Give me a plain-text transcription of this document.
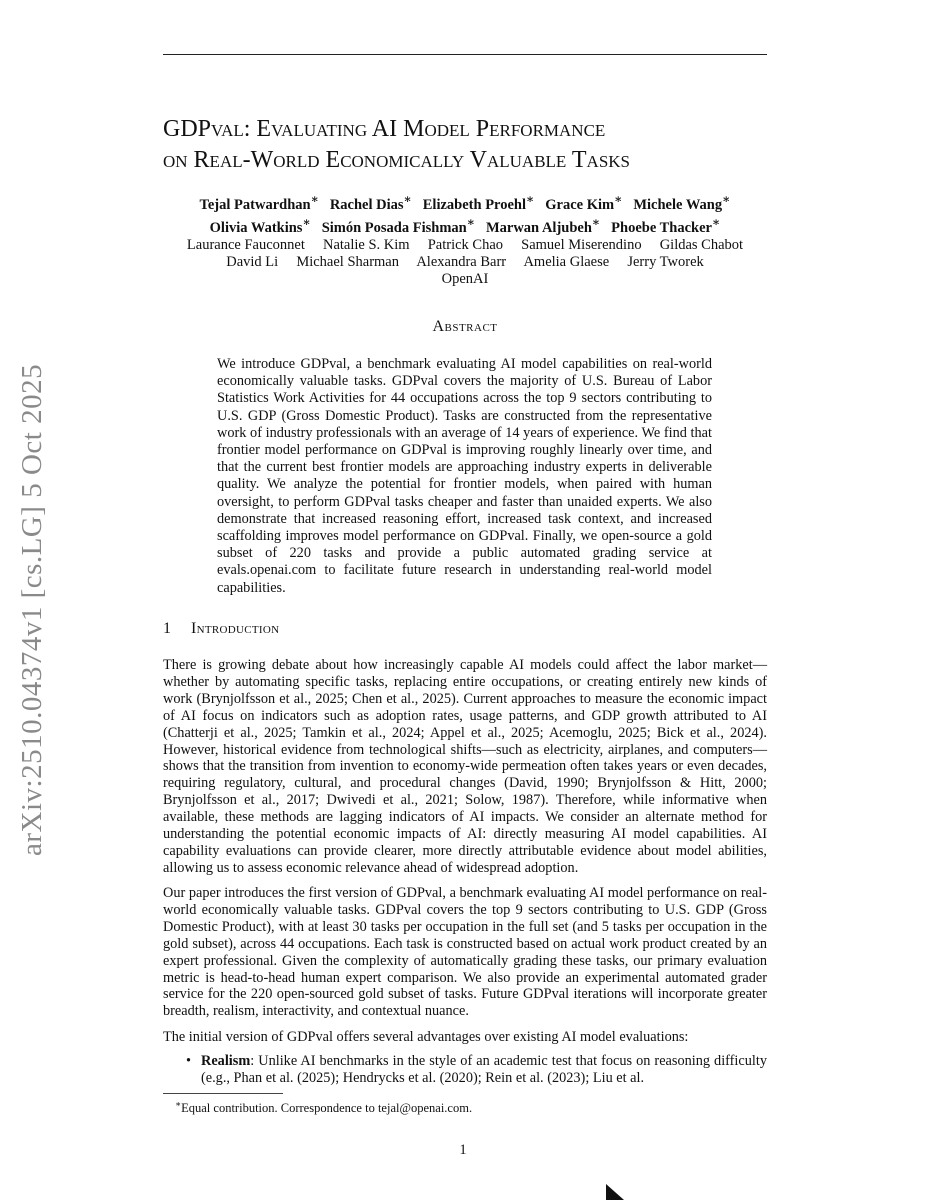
arXiv:2510.04374v1 [cs.LG] 5 Oct 2025
GDPval: Evaluating AI Model Performance
on Real-World Economically Valuable Tasks
Tejal Patwardhan∗ Rachel Dias∗ Elizabeth Proehl∗ Grace Kim∗ Michele Wang∗
Olivia Watkins∗ Simón Posada Fishman∗ Marwan Aljubeh∗ Phoebe Thacker∗
Laurance Fauconnet Natalie S. Kim Patrick Chao Samuel Miserendino Gildas Chabot
David Li Michael Sharman Alexandra Barr Amelia Glaese Jerry Tworek
OpenAI
Abstract

We introduce GDPval, a benchmark evaluating AI model capabilities on real-world economically valuable tasks. GDPval covers the majority of U.S. Bureau of Labor Statistics Work Activities for 44 occupations across the top 9 sectors contributing to U.S. GDP (Gross Domestic Product). Tasks are constructed from the representative work of industry professionals with an average of 14 years of experience. We find that frontier model performance on GDPval is improving roughly linearly over time, and that the current best frontier models are approaching industry experts in deliverable quality. We analyze the potential for frontier models, when paired with human oversight, to perform GDPval tasks cheaper and faster than unaided experts. We also demonstrate that increased reasoning effort, increased task context, and increased scaffolding improves model performance on GDPval. Finally, we open-source a gold subset of 220 tasks and provide a public automated grading service at evals.openai.com to facilitate future research in understanding real-world model capabilities.

1 Introduction

There is growing debate about how increasingly capable AI models could affect the labor market—whether by automating specific tasks, replacing entire occupations, or creating entirely new kinds of work (Brynjolfsson et al., 2025; Chen et al., 2025). Current approaches to measure the economic impact of AI focus on indicators such as adoption rates, usage patterns, and GDP growth attributed to AI (Chatterji et al., 2025; Tamkin et al., 2024; Appel et al., 2025; Acemoglu, 2025; Bick et al., 2024). However, historical evidence from technological shifts—such as electricity, airplanes, and computers—shows that the transition from invention to economy-wide permeation often takes years or even decades, requiring regulatory, cultural, and procedural changes (David, 1990; Brynjolfsson & Hitt, 2000; Brynjolfsson et al., 2017; Dwivedi et al., 2021; Solow, 1987). Therefore, while informative when available, these methods are lagging indicators of AI impacts. We consider an alternate method for understanding the potential economic impacts of AI: directly measuring AI model capabilities. AI capability evaluations can provide clearer, more directly attributable evidence about model abilities, allowing us to assess economic relevance ahead of widespread adoption.

Our paper introduces the first version of GDPval, a benchmark evaluating AI model performance on real-world economically valuable tasks. GDPval covers the top 9 sectors contributing to U.S. GDP (Gross Domestic Product), with at least 30 tasks per occupation in the full set (and 5 tasks per occupation in the gold subset), across 44 occupations. Each task is constructed based on actual work product created by an expert professional. Given the complexity of automatically grading these tasks, our primary evaluation metric is head-to-head human expert comparison. We also provide an experimental automated grader service for the 220 open-sourced gold subset of tasks. Future GDPval iterations will incorporate greater breadth, realism, interactivity, and contextual nuance.

The initial version of GDPval offers several advantages over existing AI model evaluations:

• Realism: Unlike AI benchmarks in the style of an academic test that focus on reasoning difficulty (e.g., Phan et al. (2025); Hendrycks et al. (2020); Rein et al. (2023); Liu et al.
∗Equal contribution. Correspondence to tejal@openai.com.
1
